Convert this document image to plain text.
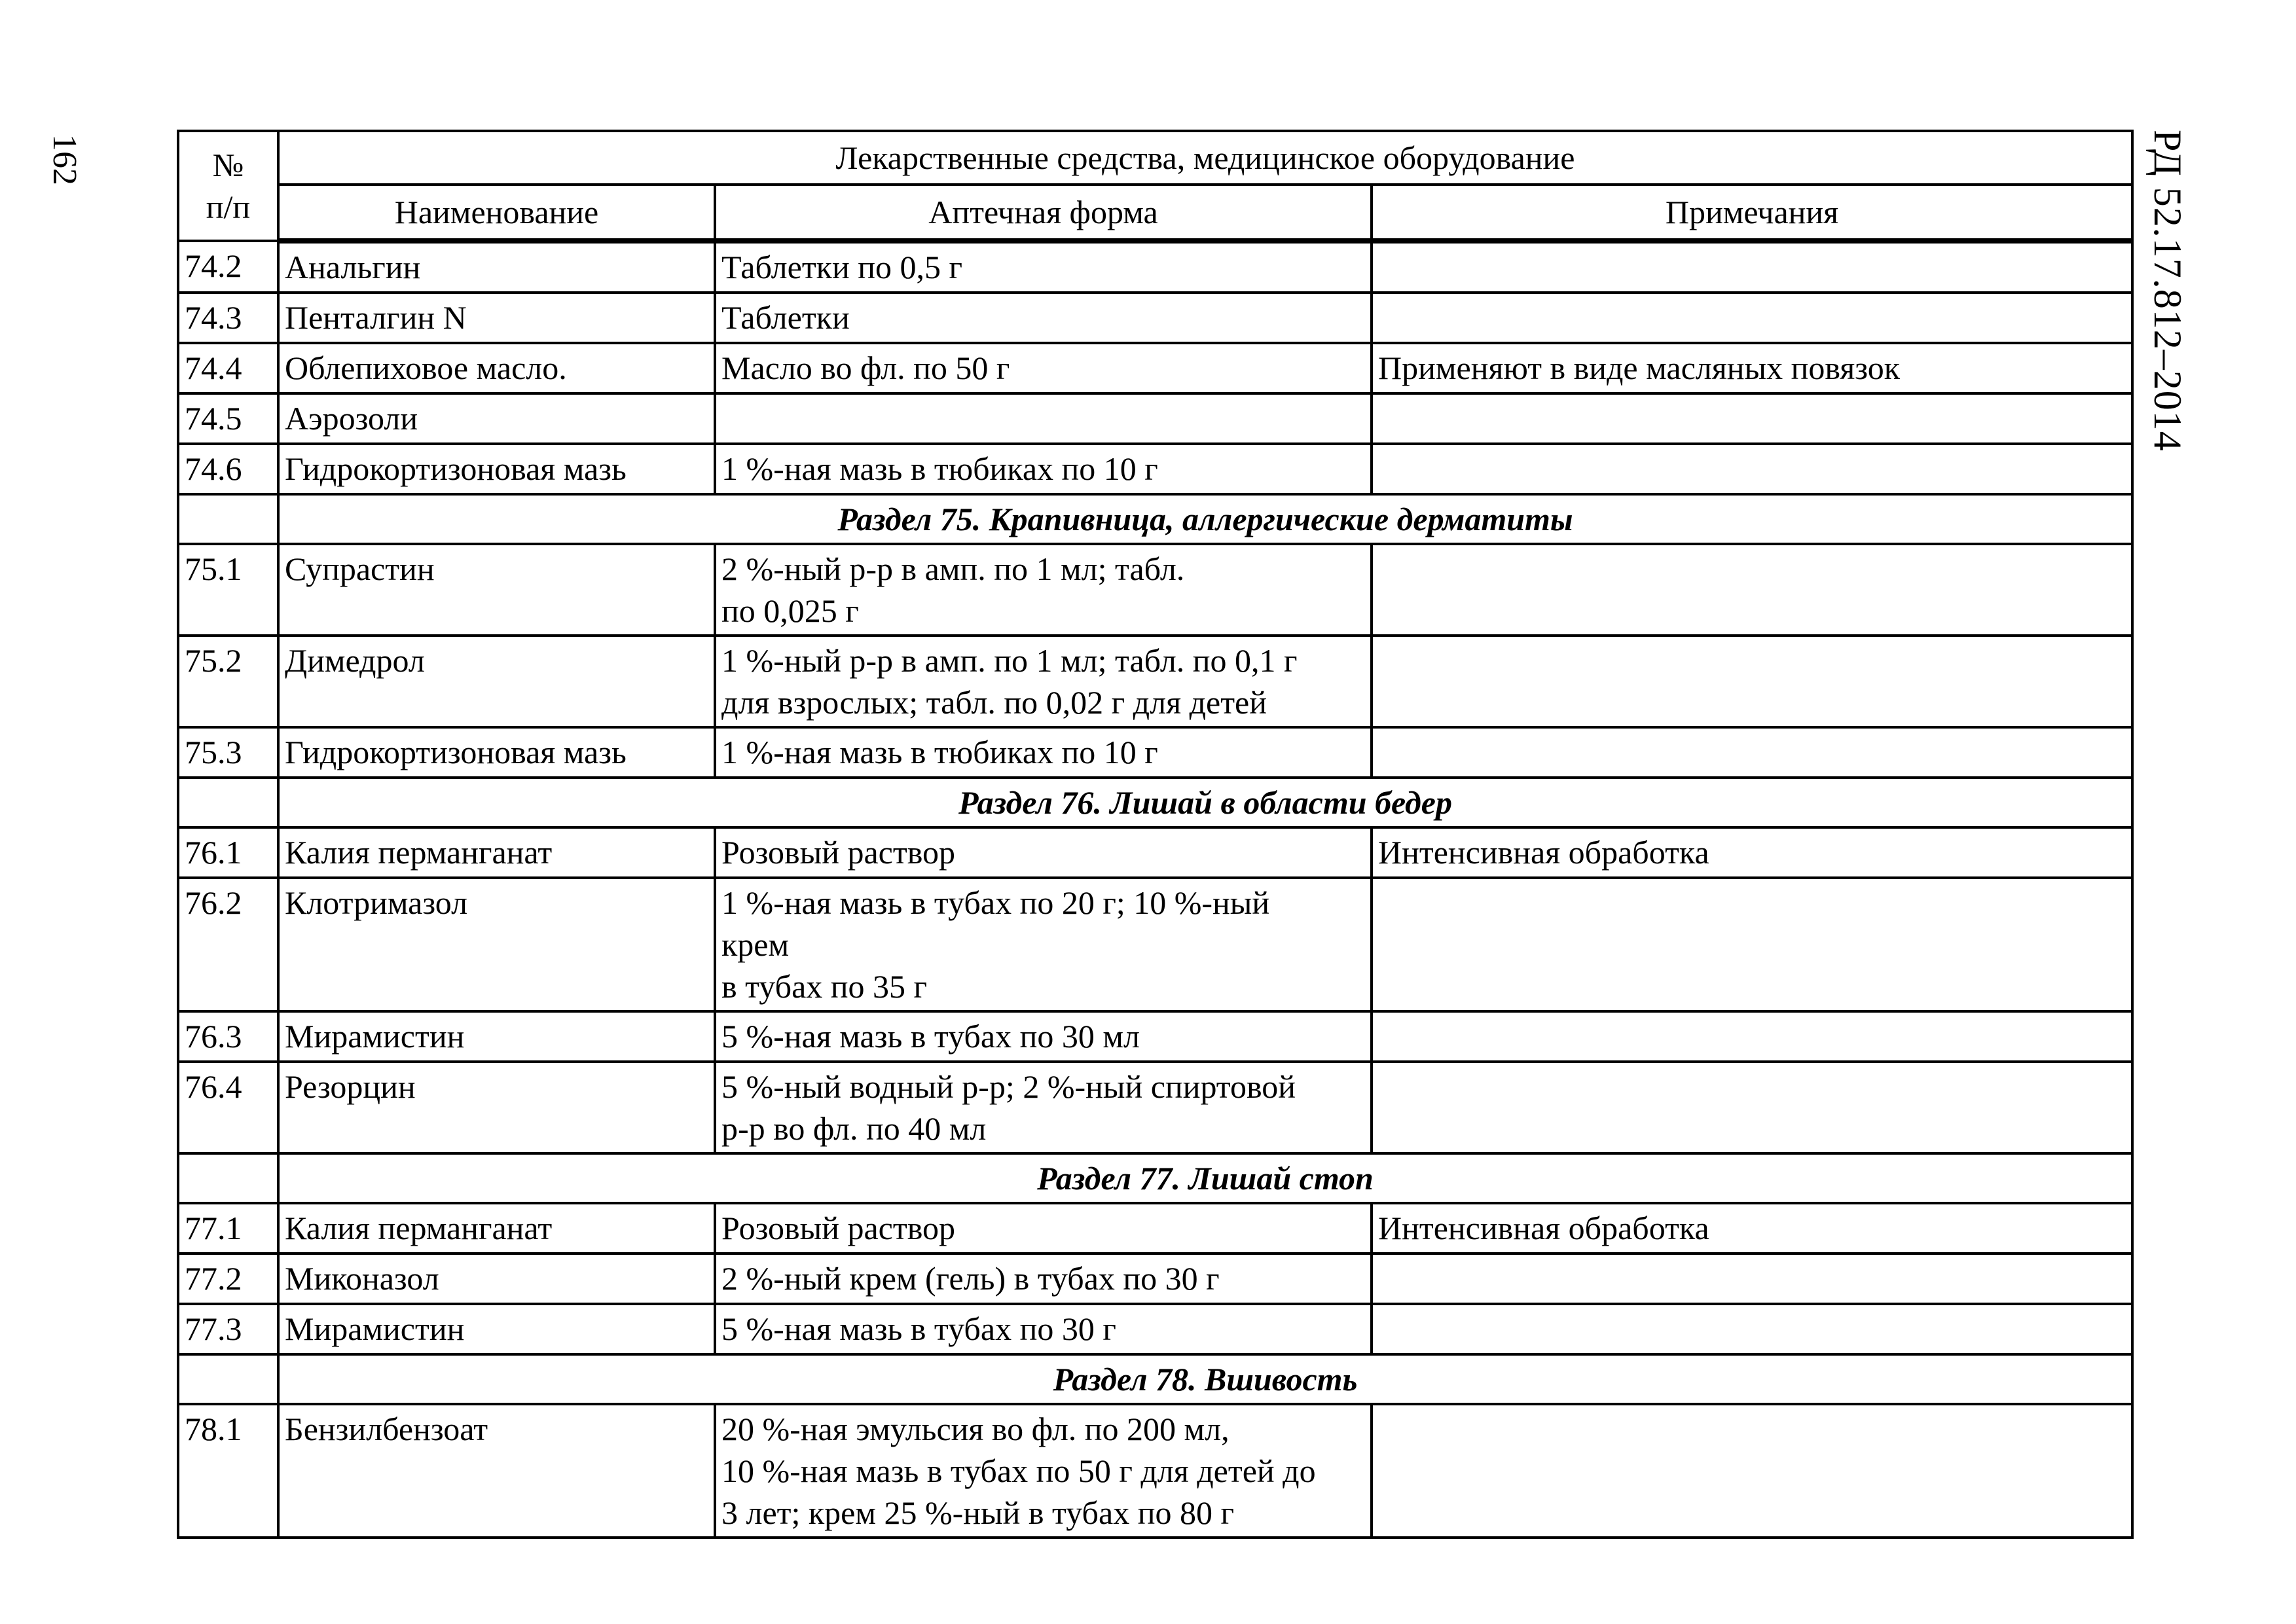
162	РД 52.17.812–2014
№
п/п	Лекарственные средства, медицинское оборудование		
	Наименование	Аптечная форма	Примечания
74.2	Анальгин	Таблетки по 0,5 г	

74.3	Пенталгин N	Таблетки	

74.4	Облепиховое масло.	Масло во фл. по 50 г	Применяют в виде масляных повязок
74.5	Аэрозоли	

74.6	Гидрокортизоновая мазь	1 %-ная мазь в тюбиках по 10 г	

	Раздел 75. Крапивница, аллергические дерматиты		
75.1	Супрастин	2 %-ный р-р в амп. по 1 мл; табл.
по 0,025 г	

75.2	Димедрол	1 %-ный р-р в амп. по 1 мл; табл. по 0,1 г
для взрослых; табл. по 0,02 г для детей	

75.3	Гидрокортизоновая мазь	1 %-ная мазь в тюбиках по 10 г	

	Раздел 76. Лишай в области бедер		
76.1	Калия перманганат	Розовый раствор	Интенсивная обработка
76.2	Клотримазол	1 %-ная мазь в тубах по 20 г; 10 %-ный
крем
в тубах по 35 г	

76.3	Мирамистин	5 %-ная мазь в тубах по 30 мл	

76.4	Резорцин	5 %-ный водный р-р; 2 %-ный спиртовой
р-р во фл. по 40 мл	

	Раздел 77. Лишай стоп		
77.1	Калия перманганат	Розовый раствор	Интенсивная обработка
77.2	Миконазол	2 %-ный крем (гель) в тубах по 30 г	

77.3	Мирамистин	5 %-ная мазь в тубах по 30 г	

	Раздел 78. Вшивость		
78.1	Бензилбензоат	20 %-ная эмульсия во фл. по 200 мл,
10 %-ная мазь в тубах по 50 г для детей до
3 лет; крем 25 %-ный в тубах по 80 г	
